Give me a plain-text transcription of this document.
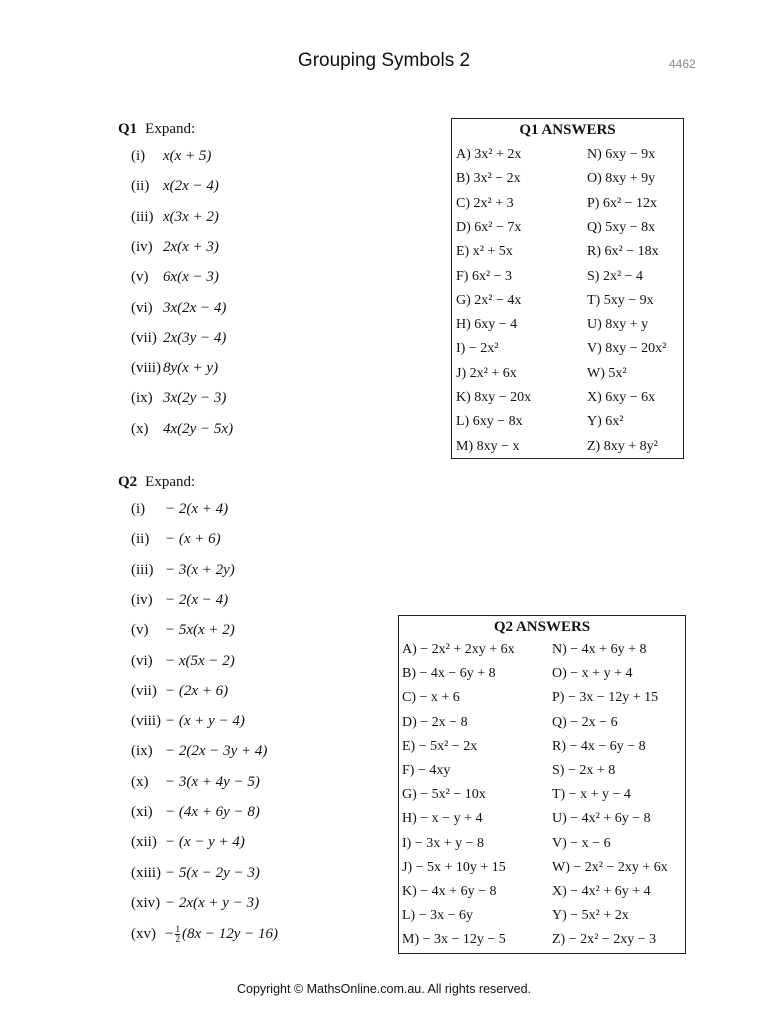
Grouping Symbols 2	4462
Q1 Expand:
(i) x(x + 5)
(ii) x(2x − 4)
(iii) x(3x + 2)
(iv) 2x(x + 3)
(v) 6x(x − 3)
(vi) 3x(2x − 4)
(vii) 2x(3y − 4)
(viii) 8y(x + y)
(ix) 3x(2y − 3)
(x) 4x(2y − 5x)
Q1 ANSWERS
A) 3x² + 2x
B) 3x² − 2x
C) 2x² + 3
D) 6x² − 7x
E) x² + 5x
F) 6x² − 3
G) 2x² − 4x
H) 6xy − 4
I) − 2x²
J) 2x² + 6x
K) 8xy − 20x
L) 6xy − 8x
M) 8xy − x
N) 6xy − 9x
O) 8xy + 9y
P) 6x² − 12x
Q) 5xy − 8x
R) 6x² − 18x
S) 2x² − 4
T) 5xy − 9x
U) 8xy + y
V) 8xy − 20x²
W) 5x²
X) 6xy − 6x
Y) 6x²
Z) 8xy + 8y²
Q2 Expand:
(i) − 2(x + 4)
(ii) − (x + 6)
(iii) − 3(x + 2y)
(iv) − 2(x − 4)
(v) − 5x(x + 2)
(vi) − x(5x − 2)
(vii) − (2x + 6)
(viii) − (x + y − 4)
(ix) − 2(2x − 3y + 4)
(x) − 3(x + 4y − 5)
(xi) − (4x + 6y − 8)
(xii) − (x − y + 4)
(xiii) − 5(x − 2y − 3)
(xiv) − 2x(x + y − 3)
$(xv) - \frac{1}{2} (8x - 12y - 16)$
Q2 ANSWERS
A) − 2x² + 2xy + 6x
B) − 4x − 6y + 8
C) − x + 6
D) − 2x − 8
E) − 5x² − 2x
F) − 4xy
G) − 5x² − 10x
H) − x − y + 4
I) − 3x + y − 8
J) − 5x + 10y + 15
K) − 4x + 6y − 8
L) − 3x − 6y
M) − 3x − 12y − 5
N) − 4x + 6y + 8
O) − x + y + 4
P) − 3x − 12y + 15
Q) − 2x − 6
R) − 4x − 6y − 8
S) − 2x + 8
T) − x + y − 4
U) − 4x² + 6y − 8
V) − x − 6
W) − 2x² − 2xy + 6x
X) − 4x² + 6y + 4
Y) − 5x² + 2x
Z) − 2x² − 2xy − 3
Copyright © MathsOnline.com.au. All rights reserved.
